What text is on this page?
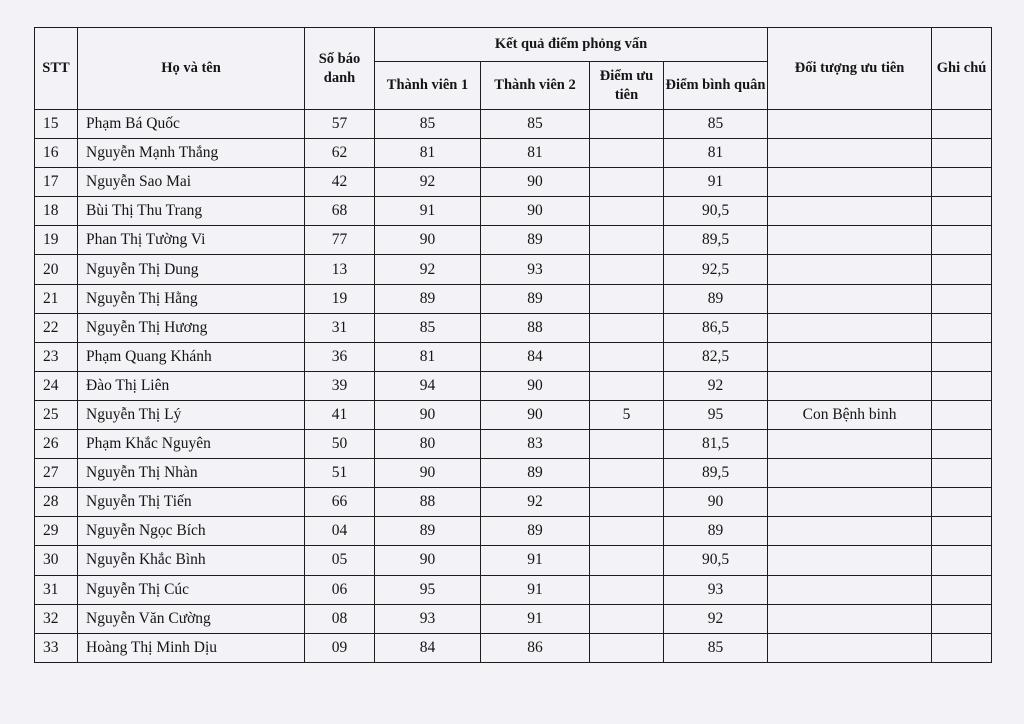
STT	Họ và tên	Số báo danh	Kết quả điểm phỏng vấn				Đối tượng ưu tiên	Ghi chú
			Thành viên 1	Thành viên 2	Điểm ưu tiên	Điểm bình quân		
15	Phạm Bá Quốc	57	85	85		85		
16	Nguyễn Mạnh Thắng	62	81	81		81		
17	Nguyễn Sao Mai	42	92	90		91		
18	Bùi Thị Thu Trang	68	91	90		90,5		
19	Phan Thị Tường Vi	77	90	89		89,5		
20	Nguyễn Thị Dung	13	92	93		92,5		
21	Nguyễn Thị Hằng	19	89	89		89		
22	Nguyễn Thị Hương	31	85	88		86,5		
23	Phạm Quang Khánh	36	81	84		82,5		
24	Đào Thị Liên	39	94	90		92		
25	Nguyễn Thị Lý	41	90	90	5	95	Con Bệnh binh	
26	Phạm Khắc Nguyên	50	80	83		81,5		
27	Nguyễn Thị Nhàn	51	90	89		89,5		
28	Nguyễn Thị Tiến	66	88	92		90		
29	Nguyễn Ngọc Bích	04	89	89		89		
30	Nguyễn Khắc Bình	05	90	91		90,5		
31	Nguyễn Thị Cúc	06	95	91		93		
32	Nguyễn Văn Cường	08	93	91		92		
33	Hoàng Thị Minh Dịu	09	84	86		85		
